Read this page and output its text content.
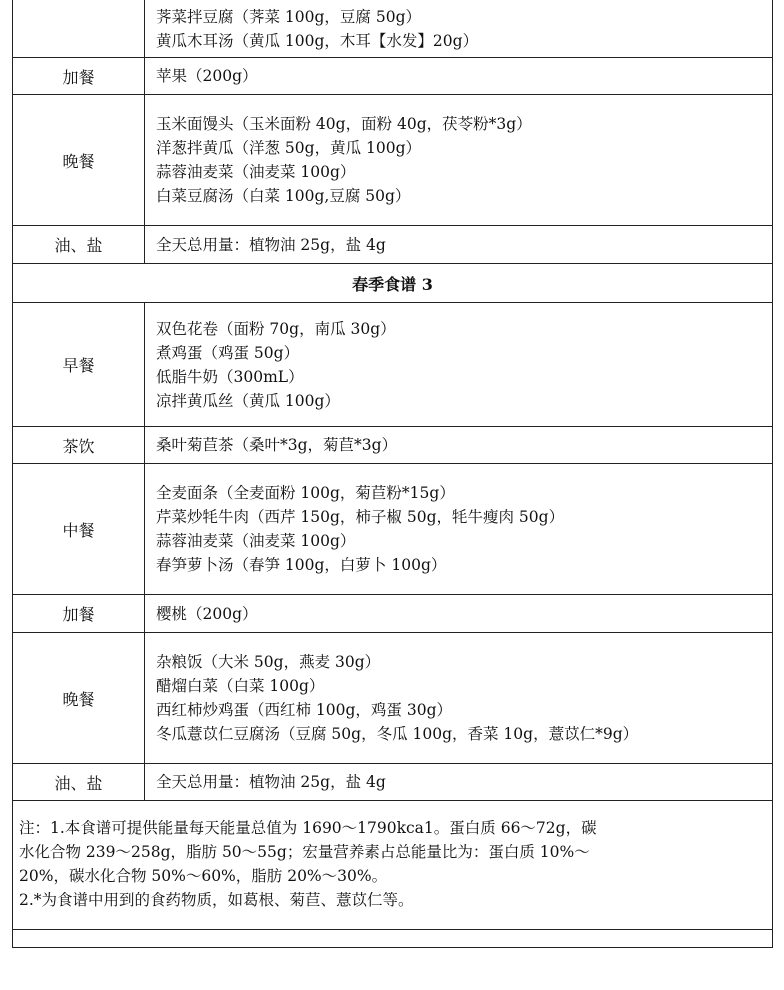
	荠菜拌豆腐（荠菜 100g，豆腐 50g）
黄瓜木耳汤（黄瓜 100g，木耳【水发】20g）

加餐	苹果（200g）

晚餐	玉米面馒头（玉米面粉 40g，面粉 40g，茯苓粉*3g）
洋葱拌黄瓜（洋葱 50g，黄瓜 100g）
蒜蓉油麦菜（油麦菜 100g）
白菜豆腐汤（白菜 100g,豆腐 50g）

油、盐	全天总用量：植物油 25g，盐 4g

春季食谱 3	
早餐	双色花卷（面粉 70g，南瓜 30g）
煮鸡蛋（鸡蛋 50g）
低脂牛奶（300mL）
凉拌黄瓜丝（黄瓜 100g）

茶饮	桑叶菊苣茶（桑叶*3g，菊苣*3g）

中餐	全麦面条（全麦面粉 100g，菊苣粉*15g）
芹菜炒牦牛肉（西芹 150g，柿子椒 50g，牦牛瘦肉 50g）
蒜蓉油麦菜（油麦菜 100g）
春笋萝卜汤（春笋 100g，白萝卜 100g）

加餐	樱桃（200g）

晚餐	杂粮饭（大米 50g，燕麦 30g）
醋熘白菜（白菜 100g）
西红柿炒鸡蛋（西红柿 100g，鸡蛋 30g）
冬瓜薏苡仁豆腐汤（豆腐 50g，冬瓜 100g，香菜 10g，薏苡仁*9g）

油、盐	全天总用量：植物油 25g，盐 4g

注：1.本食谱可提供能量每天能量总值为 1690～1790kca1。蛋白质 66～72g，碳
水化合物 239～258g，脂肪 50～55g；宏量营养素占总能量比为：蛋白质 10%～
20%，碳水化合物 50%～60%，脂肪 20%～30%。
2.*为食谱中用到的食药物质，如葛根、菊苣、薏苡仁等。	
